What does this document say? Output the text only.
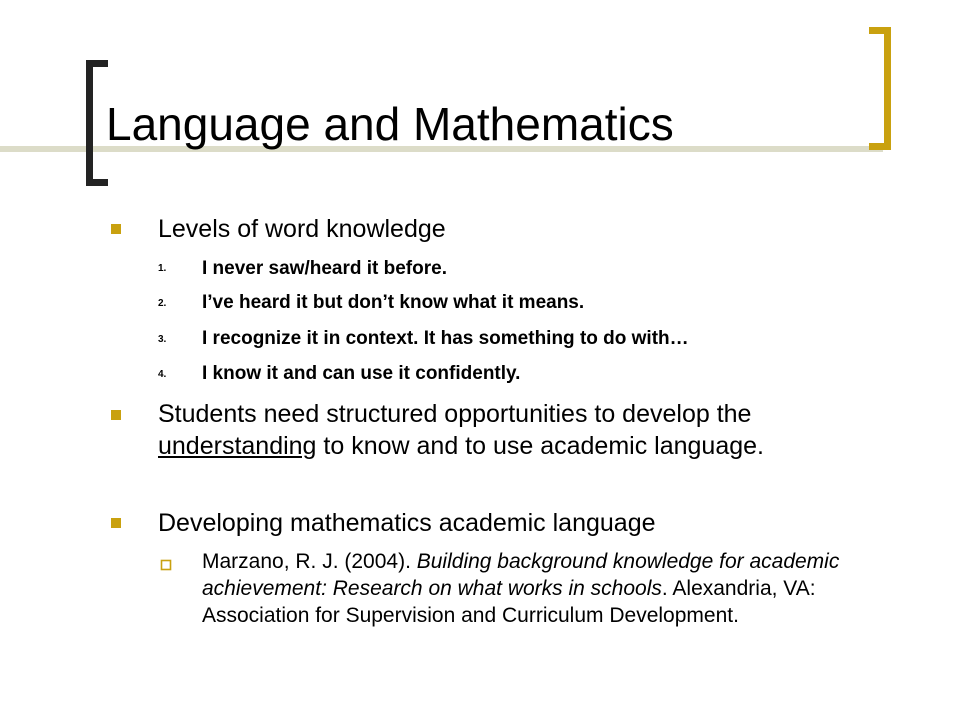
Language and Mathematics
Levels of word knowledge
1. I never saw/heard it before.
2. I’ve heard it but don’t know what it means.
3. I recognize it in context. It has something to do with…
4. I know it and can use it confidently.
Students need structured opportunities to develop the understanding to know and to use academic language.
Developing mathematics academic language
Marzano, R. J. (2004). Building background knowledge for academic achievement: Research on what works in schools. Alexandria, VA: Association for Supervision and Curriculum Development.
